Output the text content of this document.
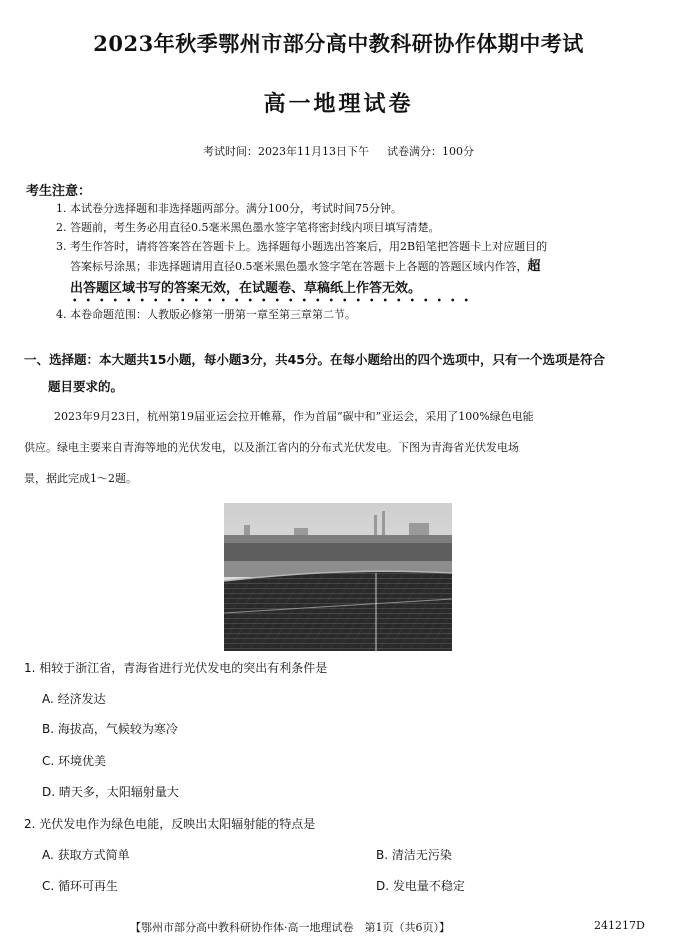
2023年秋季鄂州市部分高中教科研协作体期中考试
高一地理试卷
考试时间：2023年11月13日下午 试卷满分：100分
考生注意：
1. 本试卷分选择题和非选择题两部分。满分100分，考试时间75分钟。
2. 答题前，考生务必用直径0.5毫米黑色墨水签字笔将密封线内项目填写清楚。
3. 考生作答时，请将答案答在答题卡上。选择题每小题选出答案后，用2B铅笔把答题卡上对应题目的
答案标号涂黑；非选择题请用直径0.5毫米黑色墨水签字笔在答题卡上各题的答题区域内作答，超
出答题区域书写的答案无效，在试题卷、草稿纸上作答无效。
4. 本卷命题范围：人教版必修第一册第一章至第三章第二节。
一、选择题：本大题共15小题，每小题3分，共45分。在每小题给出的四个选项中，只有一个选项是符合
题目要求的。
2023年9月23日，杭州第19届亚运会拉开帷幕，作为首届“碳中和”亚运会，采用了100%绿色电能
供应。绿电主要来自青海等地的光伏发电，以及浙江省内的分布式光伏发电。下图为青海省光伏发电场
景，据此完成1～2题。
1. 相较于浙江省，青海省进行光伏发电的突出有利条件是
A. 经济发达
B. 海拔高，气候较为寒冷
C. 环境优美
D. 晴天多，太阳辐射量大
2. 光伏发电作为绿色电能，反映出太阳辐射能的特点是
A. 获取方式简单	B. 清洁无污染
C. 循环可再生	D. 发电量不稳定
【鄂州市部分高中教科研协作体·高一地理试卷　第1页（共6页）】	241217D
